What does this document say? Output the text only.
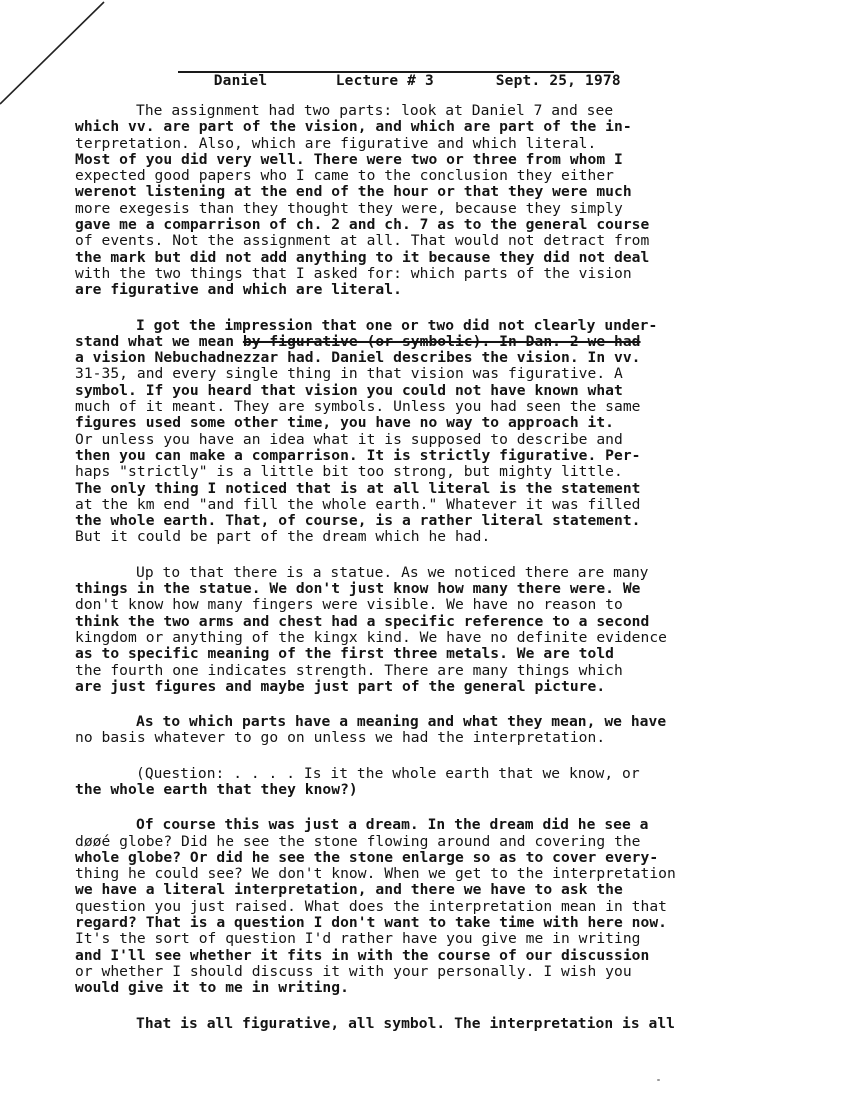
Daniel	Lecture # 3	Sept. 25, 1978

The assignment had two parts: look at Daniel 7 and see
which vv. are part of the vision, and which are part of the in-
terpretation. Also, which are figurative and which literal.
Most of you did very well. There were two or three from whom I
expected good papers who I came to the conclusion they either
werenot listening at the end of the hour or that they were much
more exegesis than they thought they were, because they simply
gave me a comparrison of ch. 2 and ch. 7 as to the general course
of events. Not the assignment at all. That would not detract from
the mark but did not add anything to it because they did not deal
with the two things that I asked for: which parts of the vision
are figurative and which are literal.
I got the impression that one or two did not clearly under-
stand what we mean by figurative (or symbolic). In Dan. 2 we had
a vision Nebuchadnezzar had. Daniel describes the vision. In vv.
31-35, and every single thing in that vision was figurative. A
symbol. If you heard that vision you could not have known what
much of it meant. They are symbols. Unless you had seen the same
figures used some other time, you have no way to approach it.
Or unless you have an idea what it is supposed to describe and
then you can make a comparrison. It is strictly figurative. Per-
haps "strictly" is a little bit too strong, but mighty little.
The only thing I noticed that is at all literal is the statement
at the km end "and fill the whole earth." Whatever it was filled
the whole earth. That, of course, is a rather literal statement.
But it could be part of the dream which he had.
Up to that there is a statue. As we noticed there are many
things in the statue. We don't just know how many there were. We
don't know how many fingers were visible. We have no reason to
think the two arms and chest had a specific reference to a second
kingdom or anything of the kingx kind. We have no definite evidence
as to specific meaning of the first three metals. We are told
the fourth one indicates strength. There are many things which
are just figures and maybe just part of the general picture.
As to which parts have a meaning and what they mean, we have
no basis whatever to go on unless we had the interpretation.
(Question: . . . . Is it the whole earth that we know, or
the whole earth that they know?)
Of course this was just a dream. In the dream did he see a
døøé globe? Did he see the stone flowing around and covering the
whole globe? Or did he see the stone enlarge so as to cover every-
thing he could see? We don't know. When we get to the interpretation
we have a literal interpretation, and there we have to ask the
question you just raised. What does the interpretation mean in that
regard? That is a question I don't want to take time with here now.
It's the sort of question I'd rather have you give me in writing
and I'll see whether it fits in with the course of our discussion
or whether I should discuss it with your personally. I wish you
would give it to me in writing.
That is all figurative, all symbol. The interpretation is all
